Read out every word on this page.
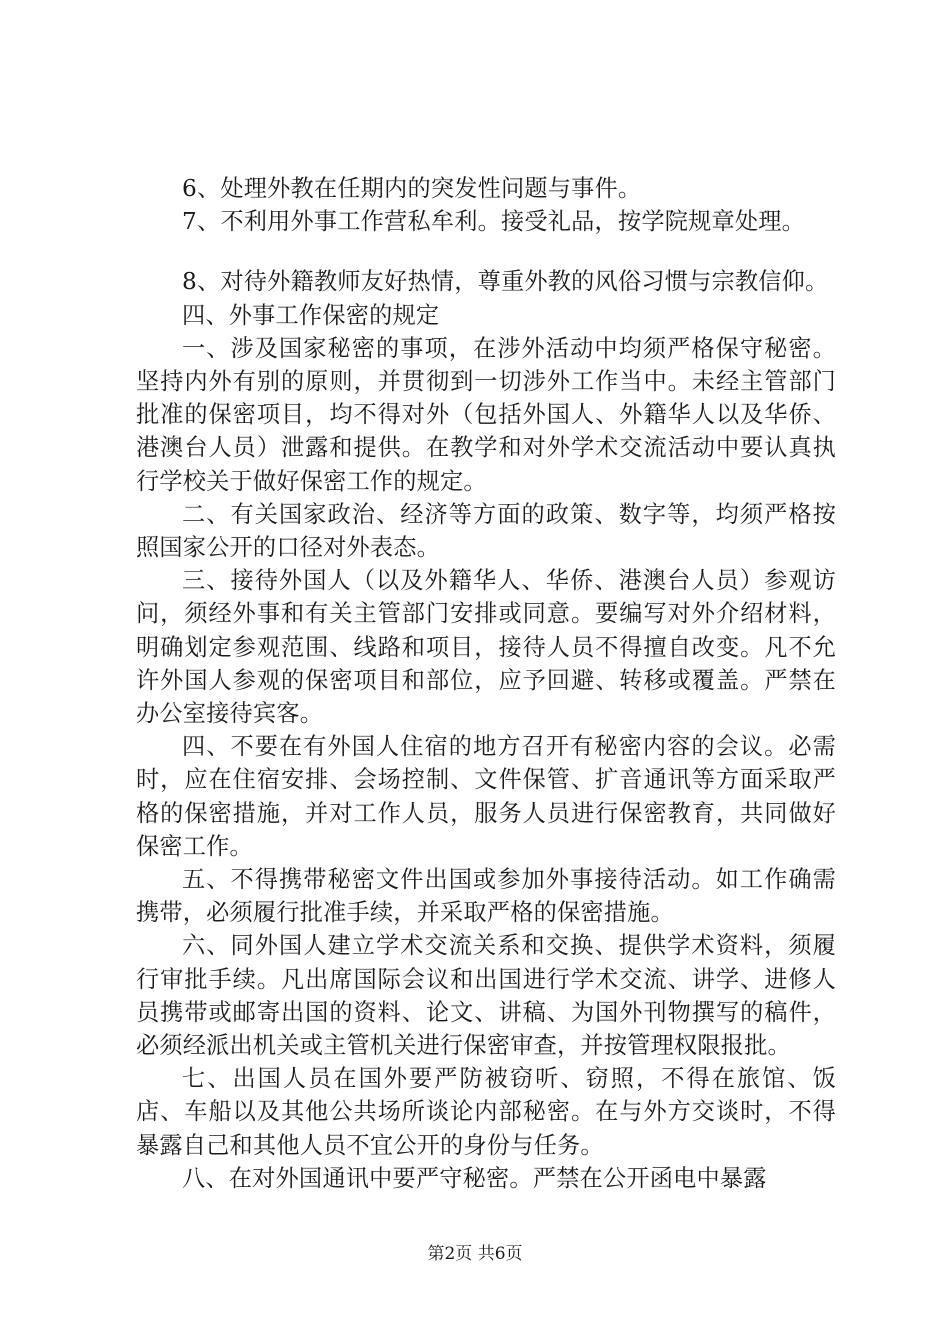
6、处理外教在任期内的突发性问题与事件。

7、不利用外事工作营私牟利。接受礼品，按学院规章处理。

8、对待外籍教师友好热情，尊重外教的风俗习惯与宗教信仰。

四、外事工作保密的规定

一、涉及国家秘密的事项，在涉外活动中均须严格保守秘密。坚持内外有别的原则，并贯彻到一切涉外工作当中。未经主管部门批准的保密项目，均不得对外（包括外国人、外籍华人以及华侨、港澳台人员）泄露和提供。在教学和对外学术交流活动中要认真执行学校关于做好保密工作的规定。

二、有关国家政治、经济等方面的政策、数字等，均须严格按照国家公开的口径对外表态。

三、接待外国人（以及外籍华人、华侨、港澳台人员）参观访问，须经外事和有关主管部门安排或同意。要编写对外介绍材料，明确划定参观范围、线路和项目，接待人员不得擅自改变。凡不允许外国人参观的保密项目和部位，应予回避、转移或覆盖。严禁在办公室接待宾客。

四、不要在有外国人住宿的地方召开有秘密内容的会议。必需时，应在住宿安排、会场控制、文件保管、扩音通讯等方面采取严格的保密措施，并对工作人员，服务人员进行保密教育，共同做好保密工作。

五、不得携带秘密文件出国或参加外事接待活动。如工作确需携带，必须履行批准手续，并采取严格的保密措施。

六、同外国人建立学术交流关系和交换、提供学术资料，须履行审批手续。凡出席国际会议和出国进行学术交流、讲学、进修人员携带或邮寄出国的资料、论文、讲稿、为国外刊物撰写的稿件，必须经派出机关或主管机关进行保密审查，并按管理权限报批。

七、出国人员在国外要严防被窃听、窃照，不得在旅馆、饭店、车船以及其他公共场所谈论内部秘密。在与外方交谈时，不得暴露自己和其他人员不宜公开的身份与任务。

八、在对外国通讯中要严守秘密。严禁在公开函电中暴露

第2页 共6页
